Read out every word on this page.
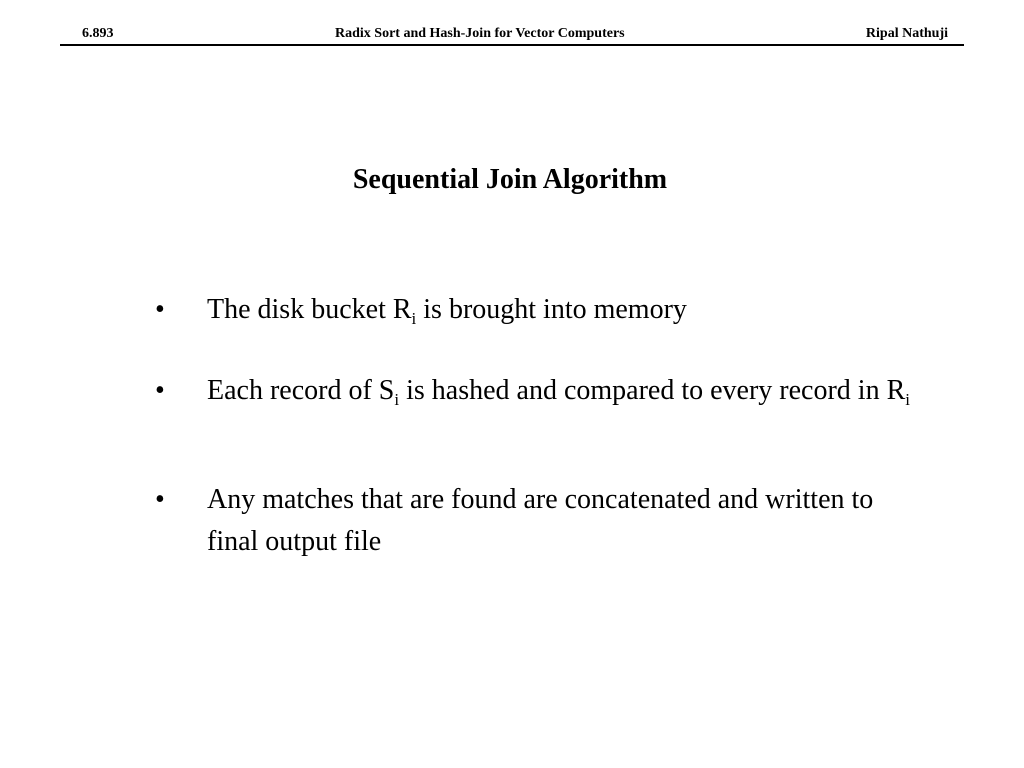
6.893	Radix Sort and Hash-Join for Vector Computers	Ripal Nathuji
Sequential Join Algorithm
• The disk bucket $R_i$ is brought into memory
• Each record of $S_i$ is hashed and compared to every record in $R_i$
• Any matches that are found are concatenated and written to final output file
